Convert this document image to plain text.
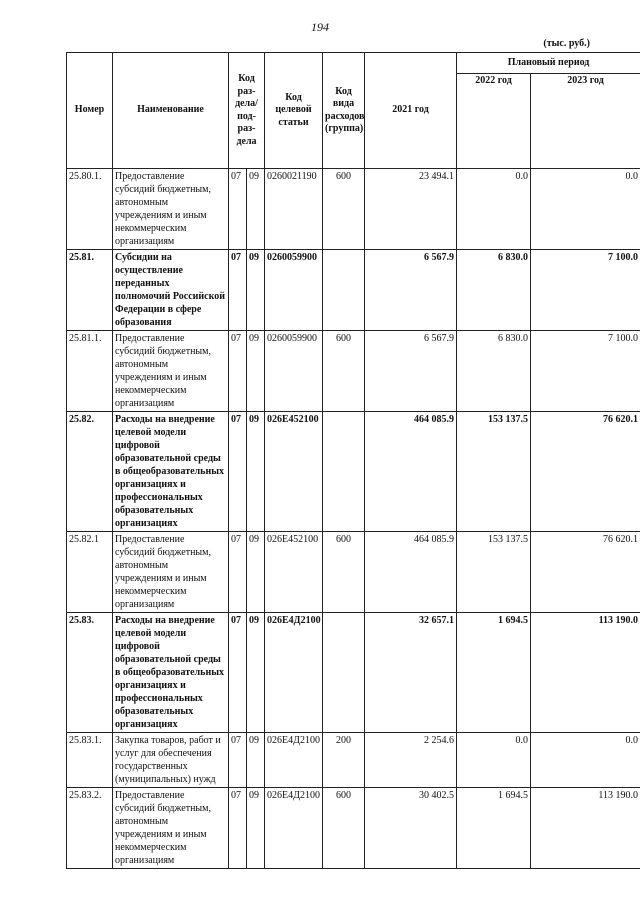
194
(тыс. руб.)
Номер	Наименование	Код раз-дела/ под-раз-дела		Код целевой статьи	Код вида расходов (группа)	2021 год	Плановый период	
							2022 год	2023 год
25.80.1.	Предоставление субсидий бюджетным, автономным учреждениям и иным некоммерческим организациям	07	09	0260021190	600	23 494.1	0.0	0.0
25.81.	Субсидии на осуществление переданных полномочий Российской Федерации в сфере образования	07	09	0260059900		6 567.9	6 830.0	7 100.0
25.81.1.	Предоставление субсидий бюджетным, автономным учреждениям и иным некоммерческим организациям	07	09	0260059900	600	6 567.9	6 830.0	7 100.0
25.82.	Расходы на внедрение целевой модели цифровой образовательной среды в общеобразовательных организациях и профессиональных образовательных организациях	07	09	026Е452100		464 085.9	153 137.5	76 620.1
25.82.1	Предоставление субсидий бюджетным, автономным учреждениям и иным некоммерческим организациям	07	09	026Е452100	600	464 085.9	153 137.5	76 620.1
25.83.	Расходы на внедрение целевой модели цифровой образовательной среды в общеобразовательных организациях и профессиональных образовательных организациях	07	09	026Е4Д2100		32 657.1	1 694.5	113 190.0
25.83.1.	Закупка товаров, работ и услуг для обеспечения государственных (муниципальных) нужд	07	09	026Е4Д2100	200	2 254.6	0.0	0.0
25.83.2.	Предоставление субсидий бюджетным, автономным учреждениям и иным некоммерческим организациям	07	09	026Е4Д2100	600	30 402.5	1 694.5	113 190.0
